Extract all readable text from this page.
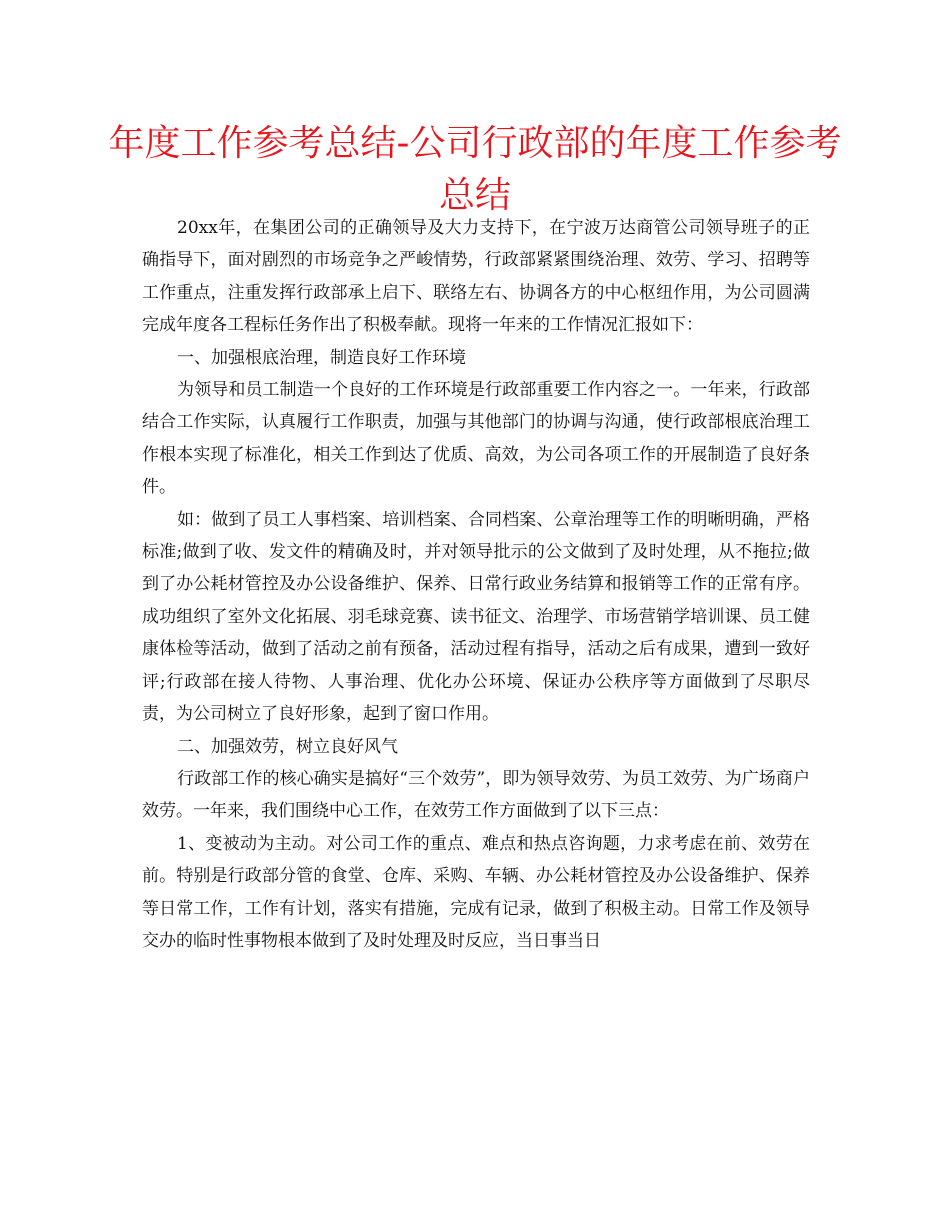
年度工作参考总结-公司行政部的年度工作参考总结

20xx年，在集团公司的正确领导及大力支持下，在宁波万达商管公司领导班子的正确指导下，面对剧烈的市场竞争之严峻情势，行政部紧紧围绕治理、效劳、学习、招聘等工作重点，注重发挥行政部承上启下、联络左右、协调各方的中心枢纽作用，为公司圆满完成年度各工程标任务作出了积极奉献。现将一年来的工作情况汇报如下：

一、加强根底治理，制造良好工作环境

为领导和员工制造一个良好的工作环境是行政部重要工作内容之一。一年来，行政部结合工作实际，认真履行工作职责，加强与其他部门的协调与沟通，使行政部根底治理工作根本实现了标准化，相关工作到达了优质、高效，为公司各项工作的开展制造了良好条件。

如：做到了员工人事档案、培训档案、合同档案、公章治理等工作的明晰明确，严格标准;做到了收、发文件的精确及时，并对领导批示的公文做到了及时处理，从不拖拉;做到了办公耗材管控及办公设备维护、保养、日常行政业务结算和报销等工作的正常有序。成功组织了室外文化拓展、羽毛球竞赛、读书征文、治理学、市场营销学培训课、员工健康体检等活动，做到了活动之前有预备，活动过程有指导，活动之后有成果，遭到一致好评;行政部在接人待物、人事治理、优化办公环境、保证办公秩序等方面做到了尽职尽责，为公司树立了良好形象，起到了窗口作用。

二、加强效劳，树立良好风气

行政部工作的核心确实是搞好“三个效劳”，即为领导效劳、为员工效劳、为广场商户效劳。一年来，我们围绕中心工作，在效劳工作方面做到了以下三点：

1、变被动为主动。对公司工作的重点、难点和热点咨询题，力求考虑在前、效劳在前。特别是行政部分管的食堂、仓库、采购、车辆、办公耗材管控及办公设备维护、保养等日常工作，工作有计划，落实有措施，完成有记录，做到了积极主动。日常工作及领导交办的临时性事物根本做到了及时处理及时反应，当日事当日
